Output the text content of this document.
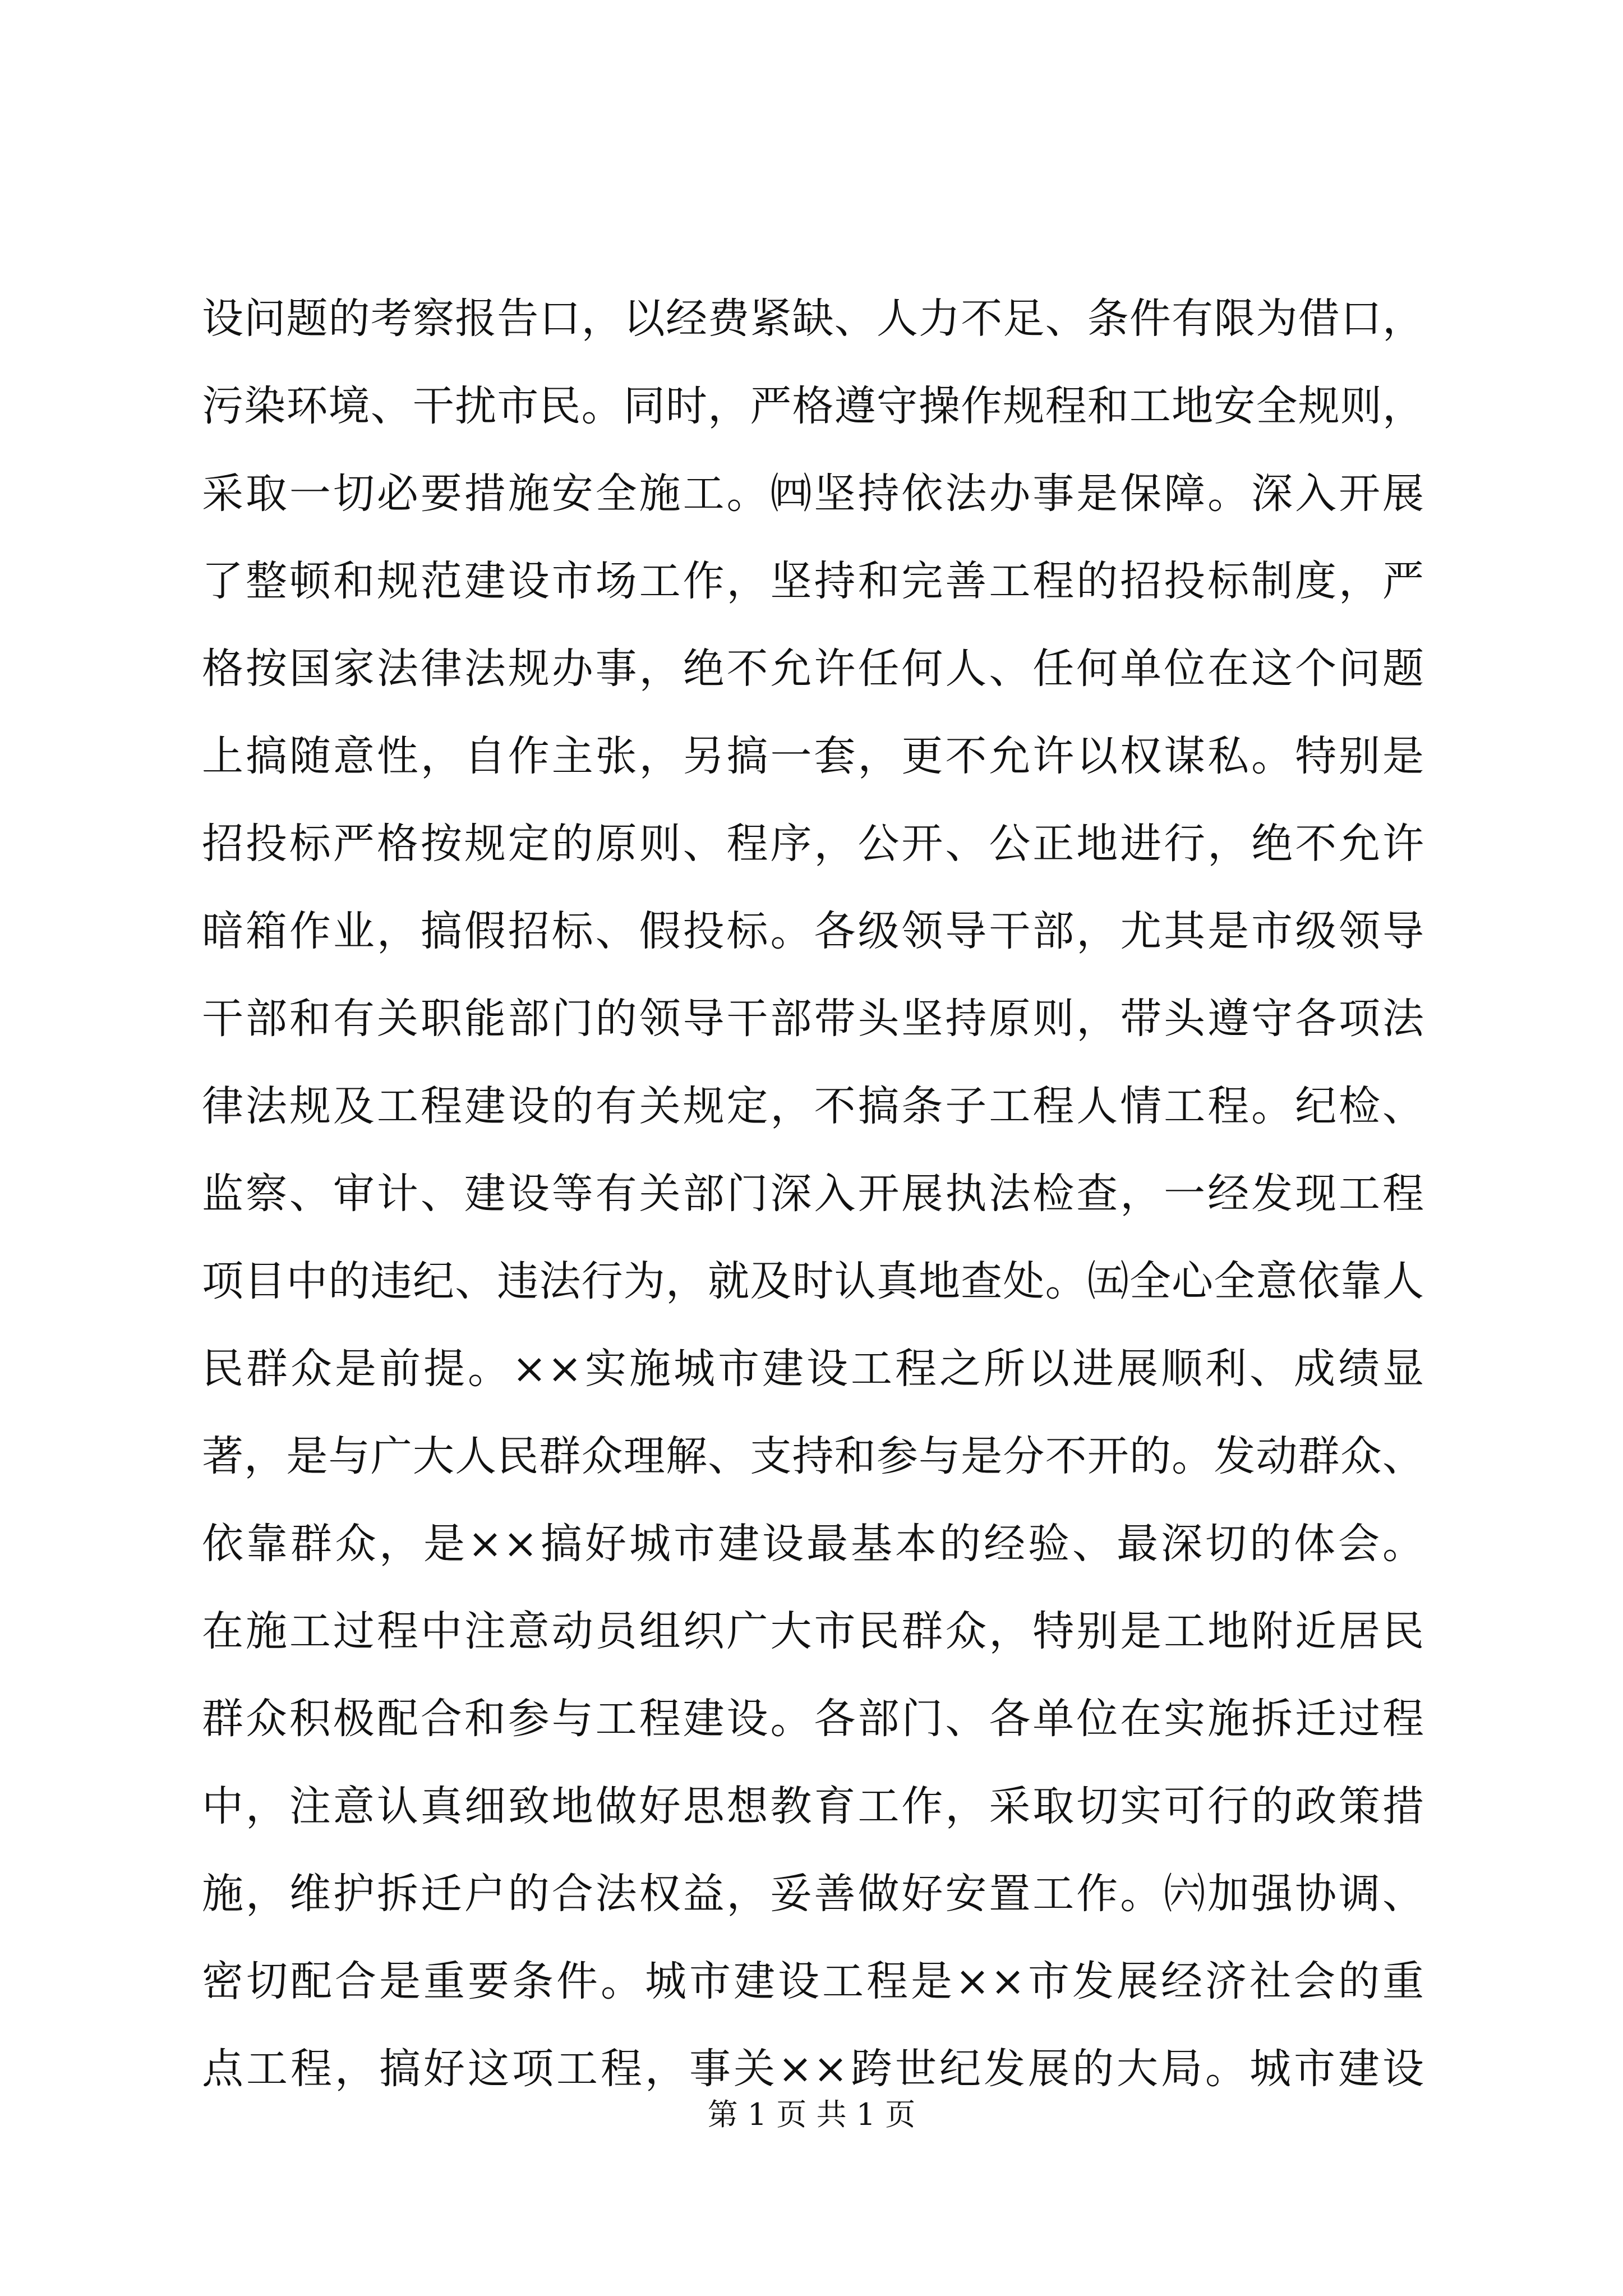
设问题的考察报告口，以经费紧缺、人力不足、条件有限为借口，
污染环境、干扰市民。同时，严格遵守操作规程和工地安全规则，
采取一切必要措施安全施工。㈣坚持依法办事是保障。深入开展
了整顿和规范建设市场工作，坚持和完善工程的招投标制度，严
格按国家法律法规办事，绝不允许任何人、任何单位在这个问题
上搞随意性，自作主张，另搞一套，更不允许以权谋私。特别是
招投标严格按规定的原则、程序，公开、公正地进行，绝不允许
暗箱作业，搞假招标、假投标。各级领导干部，尤其是市级领导
干部和有关职能部门的领导干部带头坚持原则，带头遵守各项法
律法规及工程建设的有关规定，不搞条子工程人情工程。纪检、
监察、审计、建设等有关部门深入开展执法检查，一经发现工程
项目中的违纪、违法行为，就及时认真地查处。㈤全心全意依靠人
民群众是前提。××实施城市建设工程之所以进展顺利、成绩显
著，是与广大人民群众理解、支持和参与是分不开的。发动群众、
依靠群众，是××搞好城市建设最基本的经验、最深切的体会。
在施工过程中注意动员组织广大市民群众，特别是工地附近居民
群众积极配合和参与工程建设。各部门、各单位在实施拆迁过程
中，注意认真细致地做好思想教育工作，采取切实可行的政策措
施，维护拆迁户的合法权益，妥善做好安置工作。㈥加强协调、
密切配合是重要条件。城市建设工程是××市发展经济社会的重
点工程，搞好这项工程，事关××跨世纪发展的大局。城市建设
第 1 页 共 1 页
